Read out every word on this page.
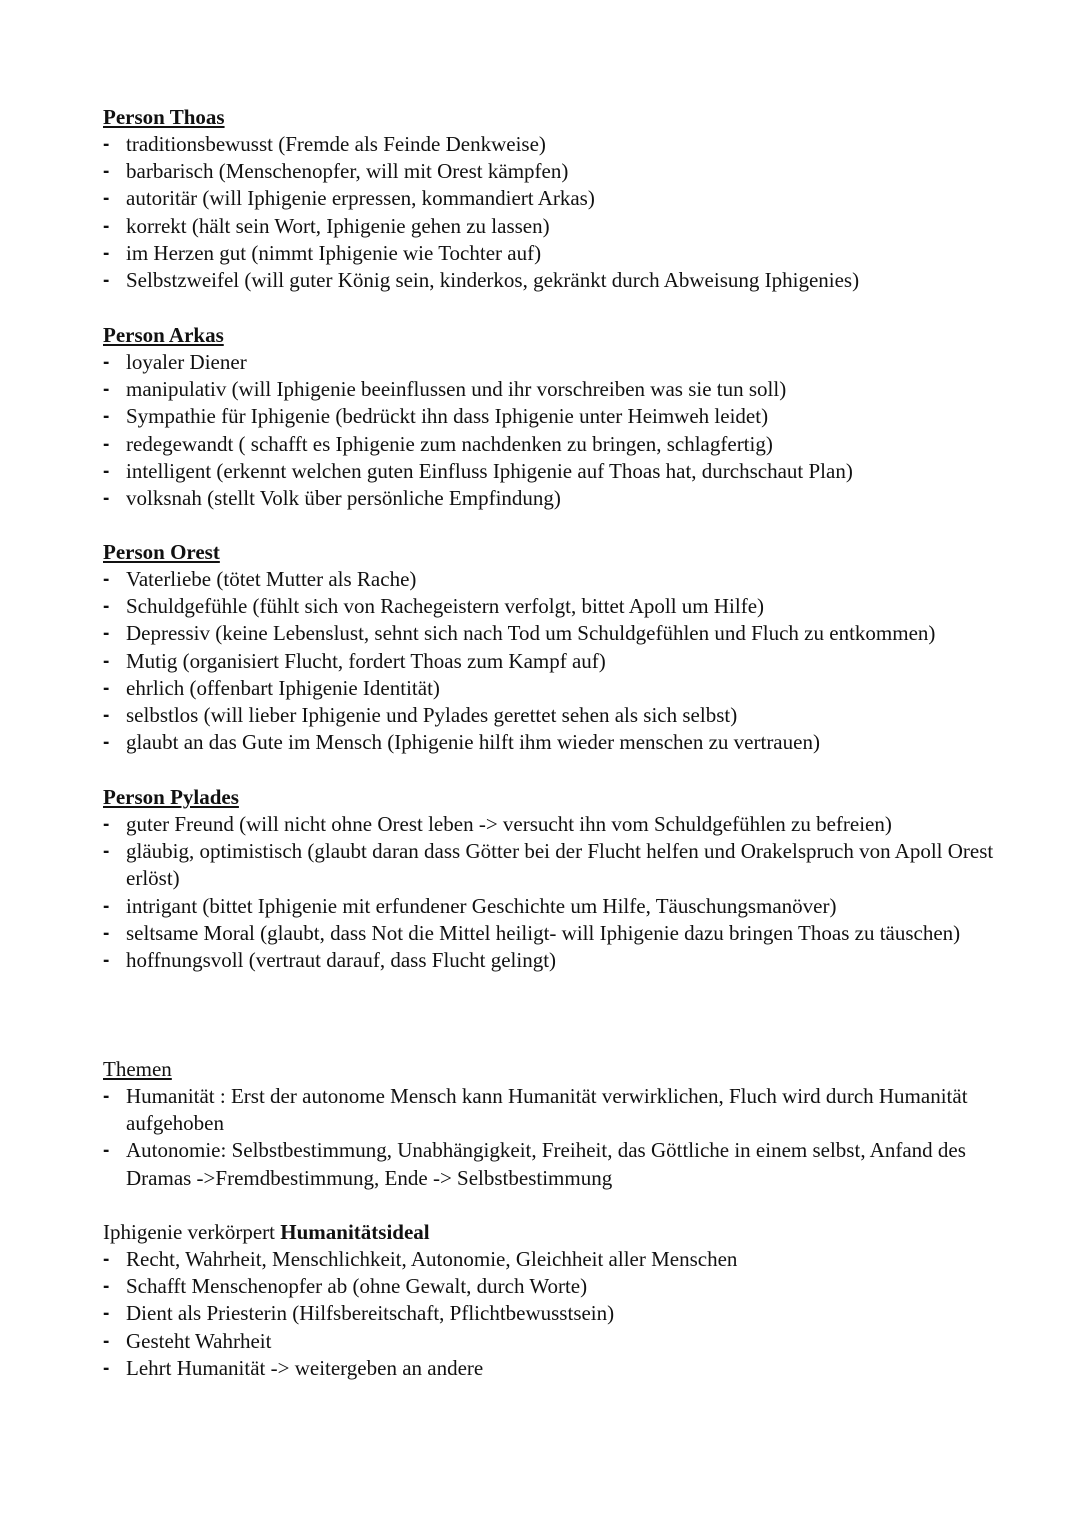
Person Thoas
- traditionsbewusst (Fremde als Feinde Denkweise)
- barbarisch (Menschenopfer, will mit Orest kämpfen)
- autoritär (will Iphigenie erpressen, kommandiert Arkas)
- korrekt (hält sein Wort, Iphigenie gehen zu lassen)
- im Herzen gut (nimmt Iphigenie wie Tochter auf)
- Selbstzweifel (will guter König sein, kinderkos, gekränkt durch Abweisung Iphigenies)
Person Arkas
- loyaler Diener
- manipulativ (will Iphigenie beeinflussen und ihr vorschreiben was sie tun soll)
- Sympathie für Iphigenie (bedrückt ihn dass Iphigenie unter Heimweh leidet)
- redegewandt ( schafft es Iphigenie zum nachdenken zu bringen, schlagfertig)
- intelligent (erkennt welchen guten Einfluss Iphigenie auf Thoas hat, durchschaut Plan)
- volksnah (stellt Volk über persönliche Empfindung)
Person Orest
- Vaterliebe (tötet Mutter als Rache)
- Schuldgefühle (fühlt sich von Rachegeistern verfolgt, bittet Apoll um Hilfe)
- Depressiv (keine Lebenslust, sehnt sich nach Tod um Schuldgefühlen und Fluch zu entkommen)
- Mutig (organisiert Flucht, fordert Thoas zum Kampf auf)
- ehrlich (offenbart Iphigenie Identität)
- selbstlos (will lieber Iphigenie und Pylades gerettet sehen als sich selbst)
- glaubt an das Gute im Mensch (Iphigenie hilft ihm wieder menschen zu vertrauen)
Person Pylades
- guter Freund (will nicht ohne Orest leben -> versucht ihn vom Schuldgefühlen zu befreien)
- gläubig, optimistisch (glaubt daran dass Götter bei der Flucht helfen und Orakelspruch von Apoll Orest erlöst)
- intrigant (bittet Iphigenie mit erfundener Geschichte um Hilfe, Täuschungsmanöver)
- seltsame Moral (glaubt, dass Not die Mittel heiligt- will Iphigenie dazu bringen Thoas zu täuschen)
- hoffnungsvoll (vertraut darauf, dass Flucht gelingt)
Themen
- Humanität : Erst der autonome Mensch kann Humanität verwirklichen, Fluch wird durch Humanität aufgehoben
- Autonomie: Selbstbestimmung, Unabhängigkeit, Freiheit, das Göttliche in einem selbst, Anfand des Dramas ->Fremdbestimmung, Ende -> Selbstbestimmung
Iphigenie verkörpert Humanitätsideal
- Recht, Wahrheit, Menschlichkeit, Autonomie, Gleichheit aller Menschen
- Schafft Menschenopfer ab (ohne Gewalt, durch Worte)
- Dient als Priesterin (Hilfsbereitschaft, Pflichtbewusstsein)
- Gesteht Wahrheit
- Lehrt Humanität -> weitergeben an andere
